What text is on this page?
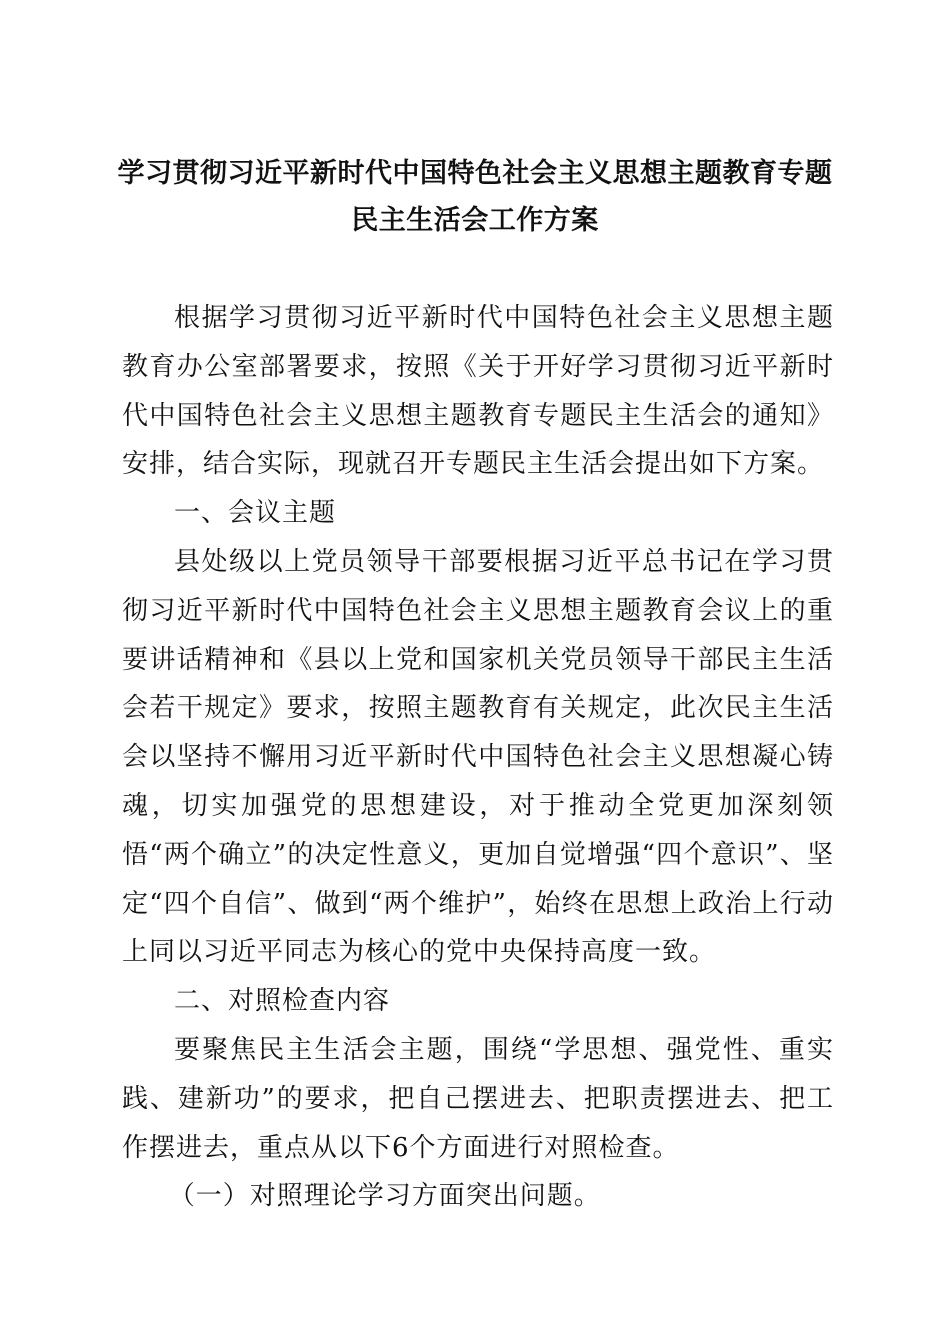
学习贯彻习近平新时代中国特色社会主义思想主题教育专题民主生活会工作方案

根据学习贯彻习近平新时代中国特色社会主义思想主题教育办公室部署要求，按照《关于开好学习贯彻习近平新时代中国特色社会主义思想主题教育专题民主生活会的通知》安排，结合实际，现就召开专题民主生活会提出如下方案。

一、会议主题

县处级以上党员领导干部要根据习近平总书记在学习贯彻习近平新时代中国特色社会主义思想主题教育会议上的重要讲话精神和《县以上党和国家机关党员领导干部民主生活会若干规定》要求，按照主题教育有关规定，此次民主生活会以坚持不懈用习近平新时代中国特色社会主义思想凝心铸魂，切实加强党的思想建设，对于推动全党更加深刻领悟“两个确立”的决定性意义，更加自觉增强“四个意识”、坚定“四个自信”、做到“两个维护”，始终在思想上政治上行动上同以习近平同志为核心的党中央保持高度一致。

二、对照检查内容

要聚焦民主生活会主题，围绕“学思想、强党性、重实践、建新功”的要求，把自己摆进去、把职责摆进去、把工作摆进去，重点从以下6个方面进行对照检查。

（一）对照理论学习方面突出问题。
